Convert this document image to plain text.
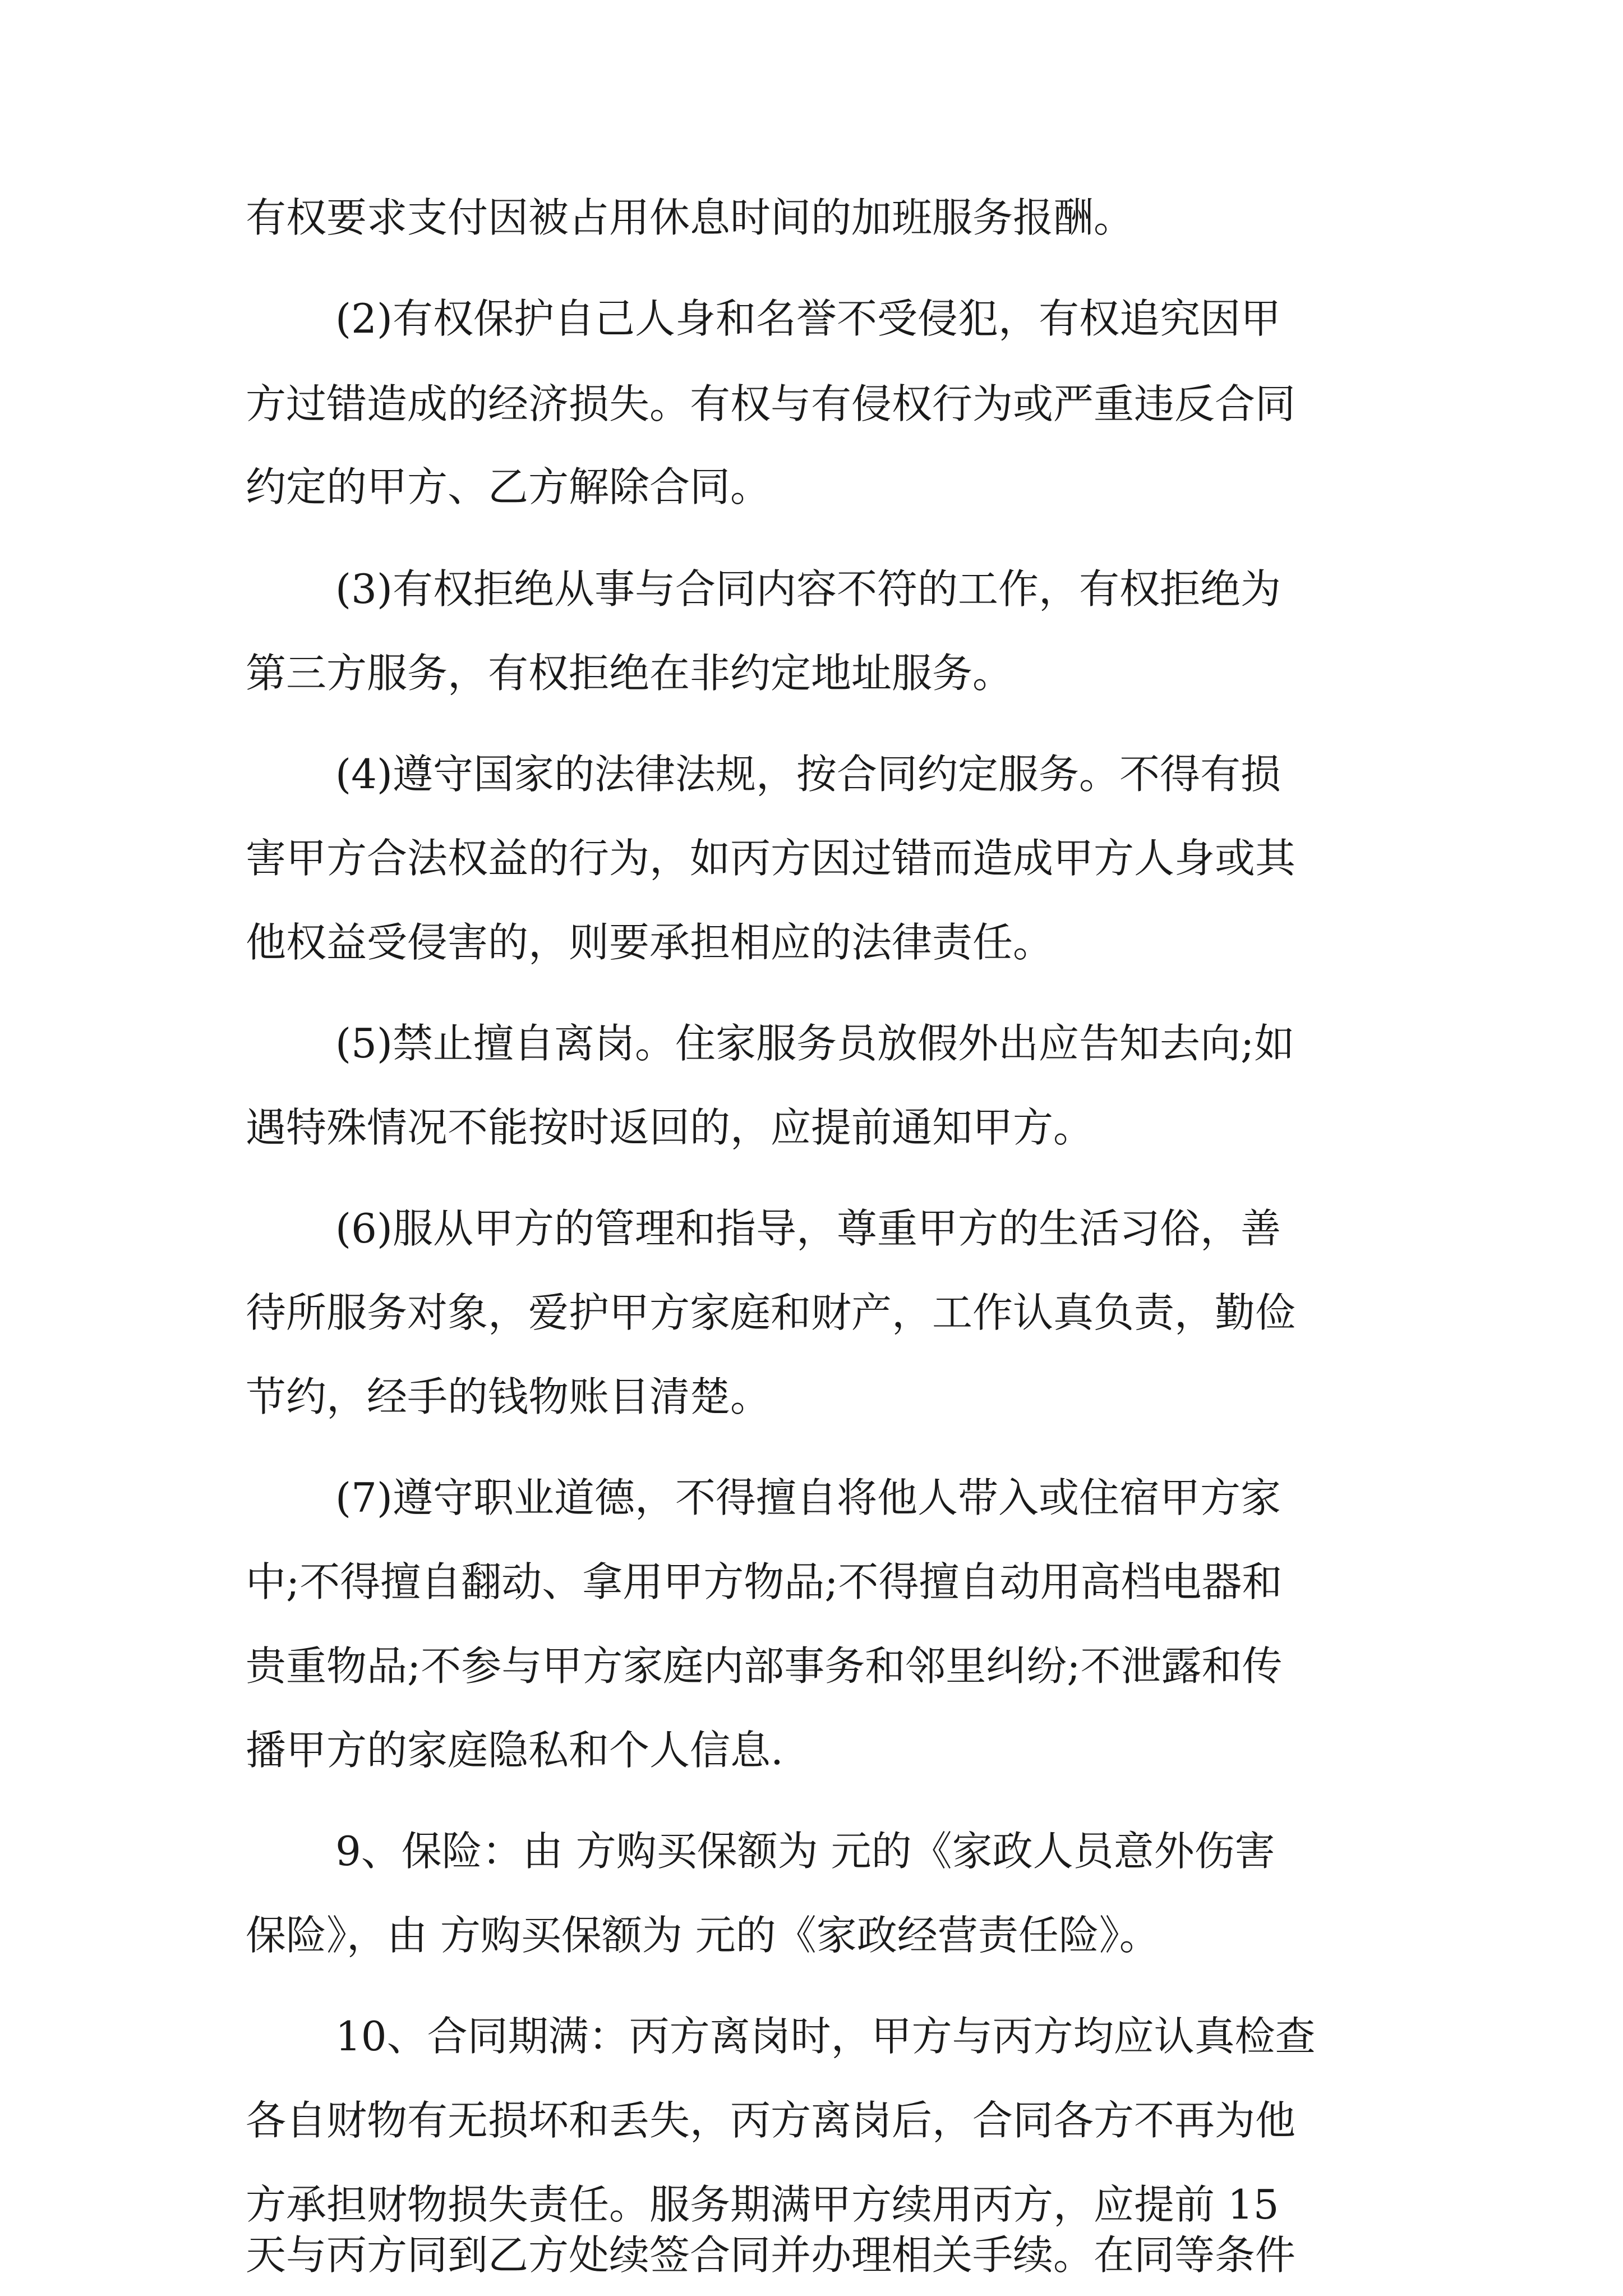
有权要求支付因被占用休息时间的加班服务报酬。
(2)有权保护自己人身和名誉不受侵犯，有权追究因甲
方过错造成的经济损失。有权与有侵权行为或严重违反合同
约定的甲方、乙方解除合同。
(3)有权拒绝从事与合同内容不符的工作，有权拒绝为
第三方服务，有权拒绝在非约定地址服务。
(4)遵守国家的法律法规，按合同约定服务。不得有损
害甲方合法权益的行为，如丙方因过错而造成甲方人身或其
他权益受侵害的，则要承担相应的法律责任。
(5)禁止擅自离岗。住家服务员放假外出应告知去向;如
遇特殊情况不能按时返回的，应提前通知甲方。
(6)服从甲方的管理和指导，尊重甲方的生活习俗，善
待所服务对象，爱护甲方家庭和财产，工作认真负责，勤俭
节约，经手的钱物账目清楚。
(7)遵守职业道德，不得擅自将他人带入或住宿甲方家
中;不得擅自翻动、拿用甲方物品;不得擅自动用高档电器和
贵重物品;不参与甲方家庭内部事务和邻里纠纷;不泄露和传
播甲方的家庭隐私和个人信息.
9、保险：由 方购买保额为 元的《家政人员意外伤害
保险》，由 方购买保额为 元的《家政经营责任险》。
10、合同期满：丙方离岗时，甲方与丙方均应认真检查
各自财物有无损坏和丢失，丙方离岗后，合同各方不再为他
方承担财物损失责任。服务期满甲方续用丙方，应提前 15
天与丙方同到乙方处续签合同并办理相关手续。在同等条件
